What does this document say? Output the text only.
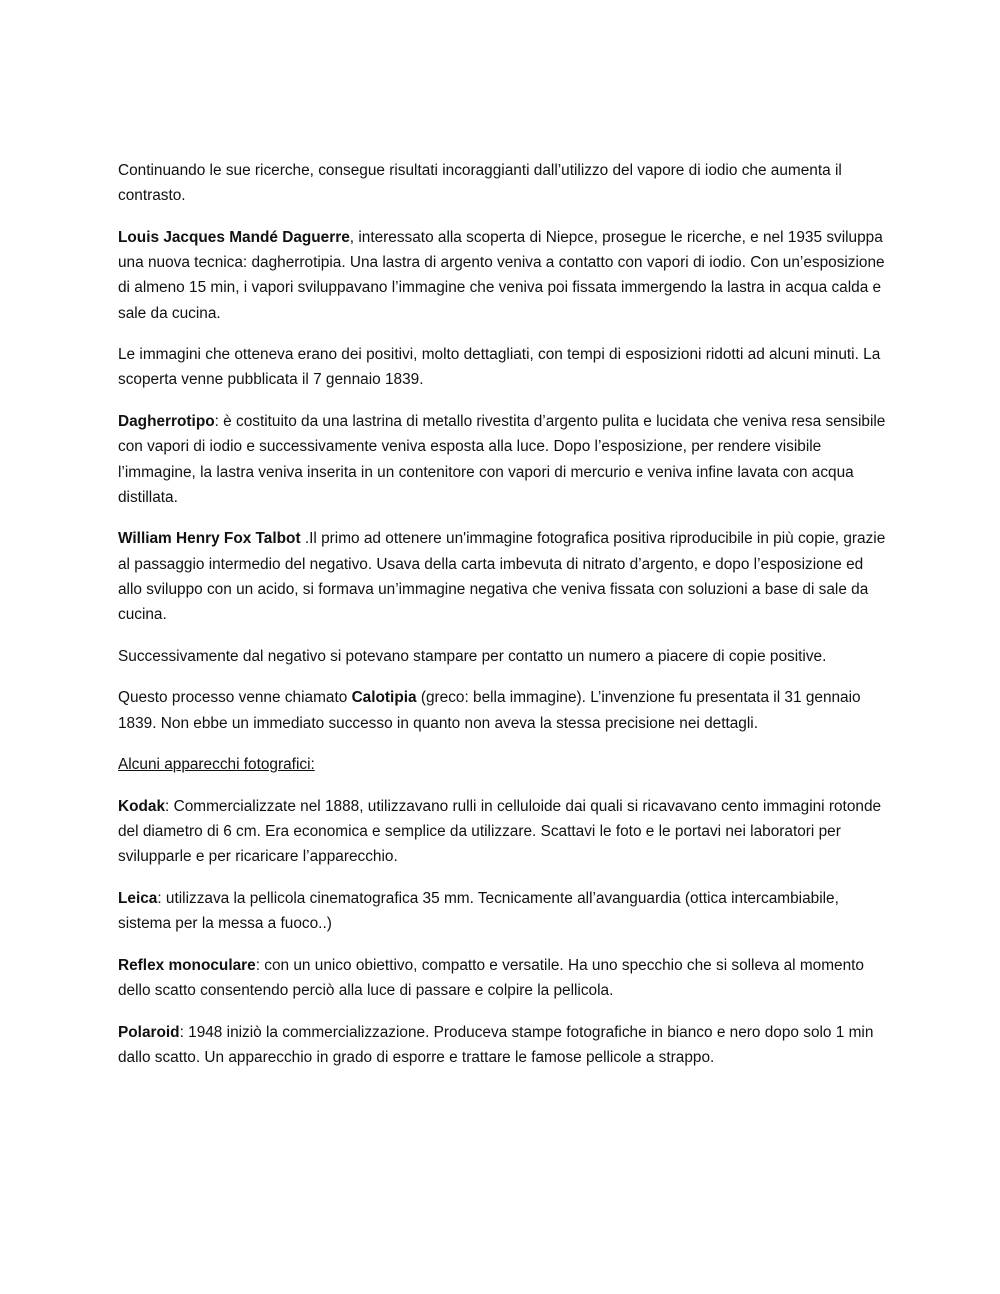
Continuando le sue ricerche, consegue risultati incoraggianti dall’utilizzo del vapore di iodio che aumenta il contrasto.

Louis Jacques Mandé Daguerre, interessato alla scoperta di Niepce, prosegue le ricerche, e nel 1935 sviluppa una nuova tecnica: dagherrotipia. Una lastra di argento veniva a contatto con vapori di iodio. Con un’esposizione di almeno 15 min, i vapori sviluppavano l’immagine che veniva poi fissata immergendo la lastra in acqua calda e sale da cucina.

Le immagini che otteneva erano dei positivi, molto dettagliati, con tempi di esposizioni ridotti ad alcuni minuti. La scoperta venne pubblicata il 7 gennaio 1839.

Dagherrotipo: è costituito da una lastrina di metallo rivestita d’argento pulita e lucidata che veniva resa sensibile con vapori di iodio e successivamente veniva esposta alla luce. Dopo l’esposizione, per rendere visibile l’immagine, la lastra veniva inserita in un contenitore con vapori di mercurio e veniva infine lavata con acqua distillata.

William Henry Fox Talbot .Il primo ad ottenere un'immagine fotografica positiva riproducibile in più copie, grazie al passaggio intermedio del negativo. Usava della carta imbevuta di nitrato d’argento, e dopo l’esposizione ed allo sviluppo con un acido, si formava un’immagine negativa che veniva fissata con soluzioni a base di sale da cucina.

Successivamente dal negativo si potevano stampare per contatto un numero a piacere di copie positive.

Questo processo venne chiamato Calotipia (greco: bella immagine). L’invenzione fu presentata il 31 gennaio 1839. Non ebbe un immediato successo in quanto non aveva la stessa precisione nei dettagli.

Alcuni apparecchi fotografici:

Kodak: Commercializzate nel 1888, utilizzavano rulli in celluloide dai quali si ricavavano cento immagini rotonde del diametro di 6 cm. Era economica e semplice da utilizzare. Scattavi le foto e le portavi nei laboratori per svilupparle e per ricaricare l’apparecchio.

Leica: utilizzava la pellicola cinematografica 35 mm. Tecnicamente all’avanguardia (ottica intercambiabile, sistema per la messa a fuoco..)

Reflex monoculare: con un unico obiettivo, compatto e versatile. Ha uno specchio che si solleva al momento dello scatto consentendo perciò alla luce di passare e colpire la pellicola.

Polaroid: 1948 iniziò la commercializzazione. Produceva stampe fotografiche in bianco e nero dopo solo 1 min dallo scatto. Un apparecchio in grado di esporre e trattare le famose pellicole a strappo.
